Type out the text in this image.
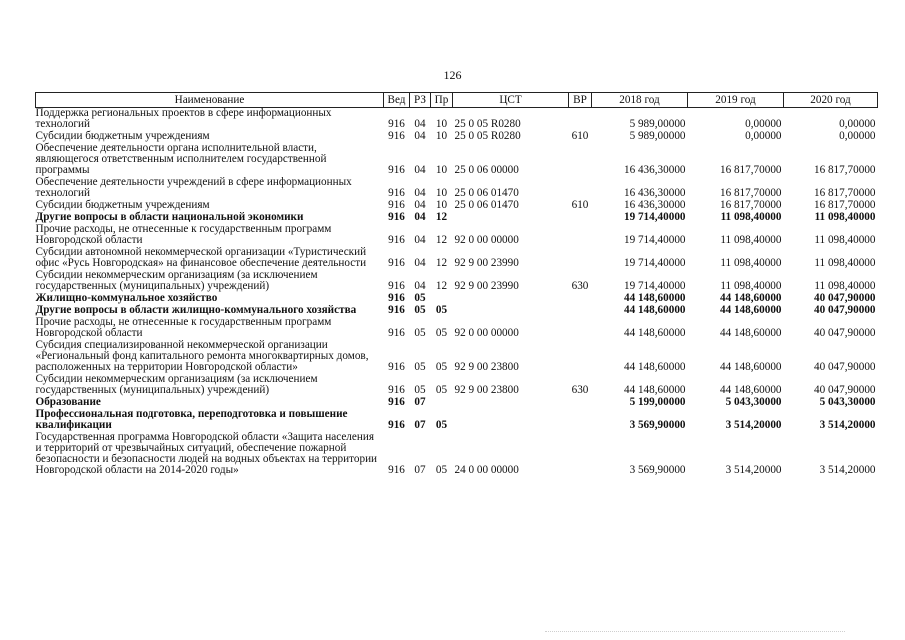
126
Наименование	Вед	РЗ	Пр	ЦСТ	ВР	2018 год	2019 год	2020 год
Поддержка региональных проектов в сфере информационных технологий	916	04	10	25 0 05 R0280		5 989,00000	0,00000	0,00000
Субсидии бюджетным учреждениям	916	04	10	25 0 05 R0280	610	5 989,00000	0,00000	0,00000
Обеспечение деятельности органа исполнительной власти, являющегося ответственным исполнителем государственной программы	916	04	10	25 0 06 00000		16 436,30000	16 817,70000	16 817,70000
Обеспечение деятельности учреждений в сфере информационных технологий	916	04	10	25 0 06 01470		16 436,30000	16 817,70000	16 817,70000
Субсидии бюджетным учреждениям	916	04	10	25 0 06 01470	610	16 436,30000	16 817,70000	16 817,70000
Другие вопросы в области национальной экономики	916	04	12			19 714,40000	11 098,40000	11 098,40000
Прочие расходы, не отнесенные к государственным программ Новгородской области	916	04	12	92 0 00 00000		19 714,40000	11 098,40000	11 098,40000
Субсидии автономной некоммерческой организации «Туристический офис «Русь Новгородская» на финансовое обеспечение деятельности	916	04	12	92 9 00 23990		19 714,40000	11 098,40000	11 098,40000
Субсидии некоммерческим организациям (за исключением государственных (муниципальных) учреждений)	916	04	12	92 9 00 23990	630	19 714,40000	11 098,40000	11 098,40000
Жилищно-коммунальное хозяйство	916	05				44 148,60000	44 148,60000	40 047,90000
Другие вопросы в области жилищно-коммунального хозяйства	916	05	05			44 148,60000	44 148,60000	40 047,90000
Прочие расходы, не отнесенные к государственным программ Новгородской области	916	05	05	92 0 00 00000		44 148,60000	44 148,60000	40 047,90000
Субсидия специализированной некоммерческой организации «Региональный фонд капитального ремонта многоквартирных домов, расположенных на территории Новгородской области»	916	05	05	92 9 00 23800		44 148,60000	44 148,60000	40 047,90000
Субсидии некоммерческим организациям (за исключением государственных (муниципальных) учреждений)	916	05	05	92 9 00 23800	630	44 148,60000	44 148,60000	40 047,90000
Образование	916	07				5 199,00000	5 043,30000	5 043,30000
Профессиональная подготовка, переподготовка и повышение квалификации	916	07	05			3 569,90000	3 514,20000	3 514,20000
Государственная программа Новгородской области «Защита населения и территорий от чрезвычайных ситуаций, обеспечение пожарной безопасности и безопасности людей на водных объектах на территории Новгородской области на 2014-2020 годы»	916	07	05	24 0 00 00000		3 569,90000	3 514,20000	3 514,20000
